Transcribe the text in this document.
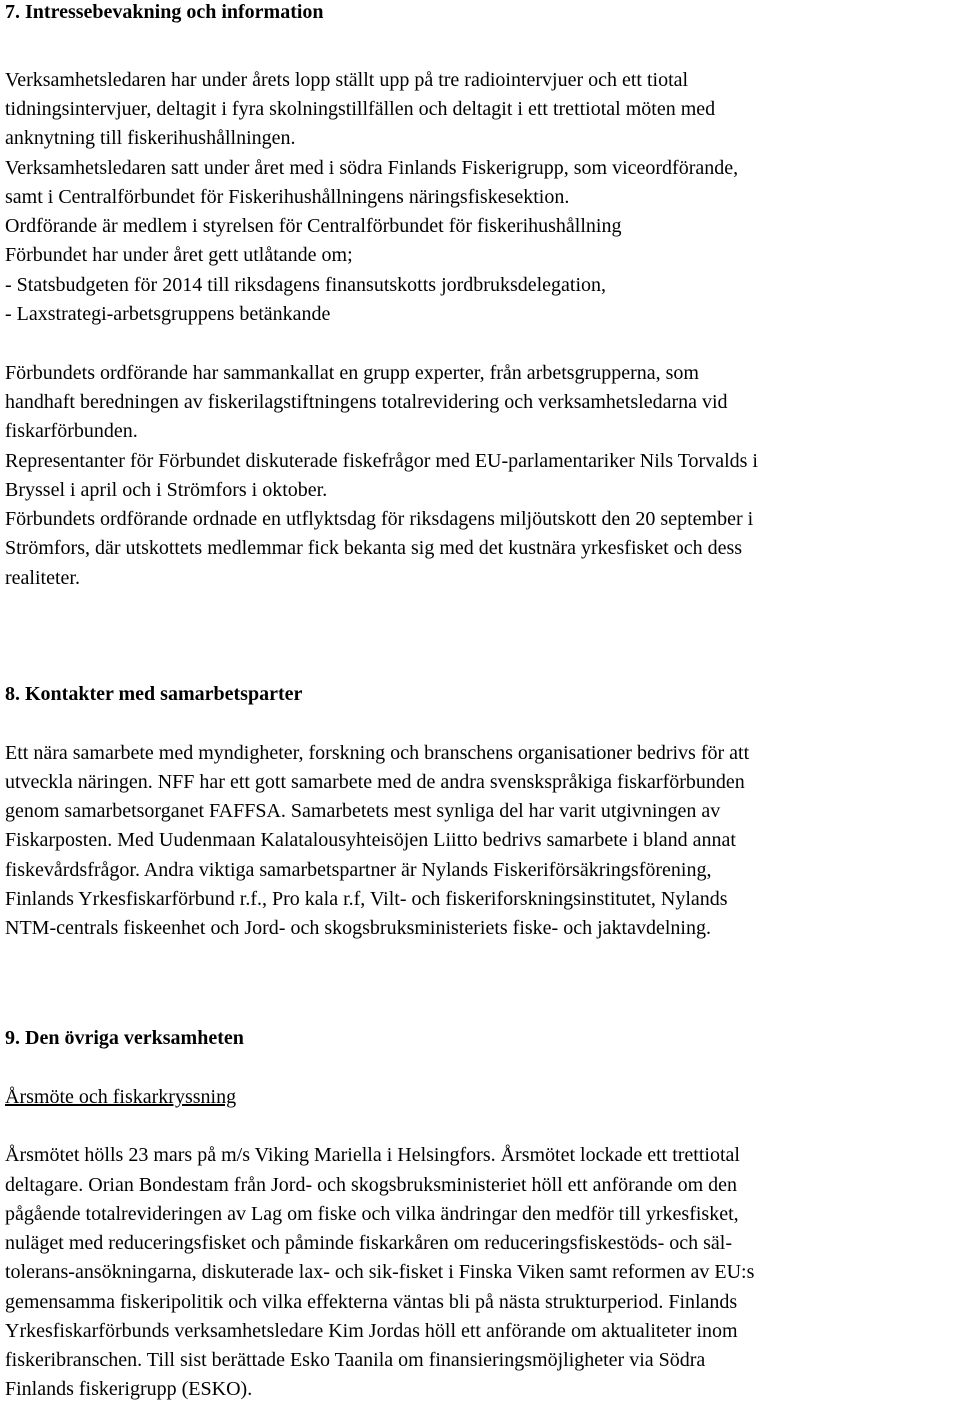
7. Intressebevakning och information
Verksamhetsledaren har under årets lopp ställt upp på tre radiointervjuer och ett tiotal
tidningsintervjuer, deltagit i fyra skolningstillfällen och deltagit i ett trettiotal möten med
anknytning till fiskerihushållningen.
Verksamhetsledaren satt under året med i södra Finlands Fiskerigrupp, som viceordförande,
samt i Centralförbundet för Fiskerihushållningens näringsfiskesektion.
Ordförande är medlem i styrelsen för Centralförbundet för fiskerihushållning
Förbundet har under året gett utlåtande om;
- Statsbudgeten för 2014 till riksdagens finansutskotts jordbruksdelegation,
- Laxstrategi-arbetsgruppens betänkande
Förbundets ordförande har sammankallat en grupp experter, från arbetsgrupperna, som
handhaft beredningen av fiskerilagstiftningens totalrevidering och verksamhetsledarna vid
fiskarförbunden.
Representanter för Förbundet diskuterade fiskefrågor med EU-parlamentariker Nils Torvalds i
Bryssel i april och i Strömfors i oktober.
Förbundets ordförande ordnade en utflyktsdag för riksdagens miljöutskott den 20 september i
Strömfors, där utskottets medlemmar fick bekanta sig med det kustnära yrkesfisket och dess
realiteter.
8. Kontakter med samarbetsparter
Ett nära samarbete med myndigheter, forskning och branschens organisationer bedrivs för att
utveckla näringen. NFF har ett gott samarbete med de andra svenskspråkiga fiskarförbunden
genom samarbetsorganet FAFFSA. Samarbetets mest synliga del har varit utgivningen av
Fiskarposten. Med Uudenmaan Kalatalousyhteisöjen Liitto bedrivs samarbete i bland annat
fiskevårdsfrågor. Andra viktiga samarbetspartner är Nylands Fiskeriförsäkringsförening,
Finlands Yrkesfiskarförbund r.f., Pro kala r.f, Vilt- och fiskeriforskningsinstitutet, Nylands
NTM-centrals fiskeenhet och Jord- och skogsbruksministeriets fiske- och jaktavdelning.
9. Den övriga verksamheten
Årsmöte och fiskarkryssning
Årsmötet hölls 23 mars på m/s Viking Mariella i Helsingfors. Årsmötet lockade ett trettiotal
deltagare. Orian Bondestam från Jord- och skogsbruksministeriet höll ett anförande om den
pågående totalrevideringen av Lag om fiske och vilka ändringar den medför till yrkesfisket,
nuläget med reduceringsfisket och påminde fiskarkåren om reduceringsfiskestöds- och säl-
tolerans-ansökningarna, diskuterade lax- och sik-fisket i Finska Viken samt reformen av EU:s
gemensamma fiskeripolitik och vilka effekterna väntas bli på nästa strukturperiod. Finlands
Yrkesfiskarförbunds verksamhetsledare Kim Jordas höll ett anförande om aktualiteter inom
fiskeribranschen. Till sist berättade Esko Taanila om finansieringsmöjligheter via Södra
Finlands fiskerigrupp (ESKO).
